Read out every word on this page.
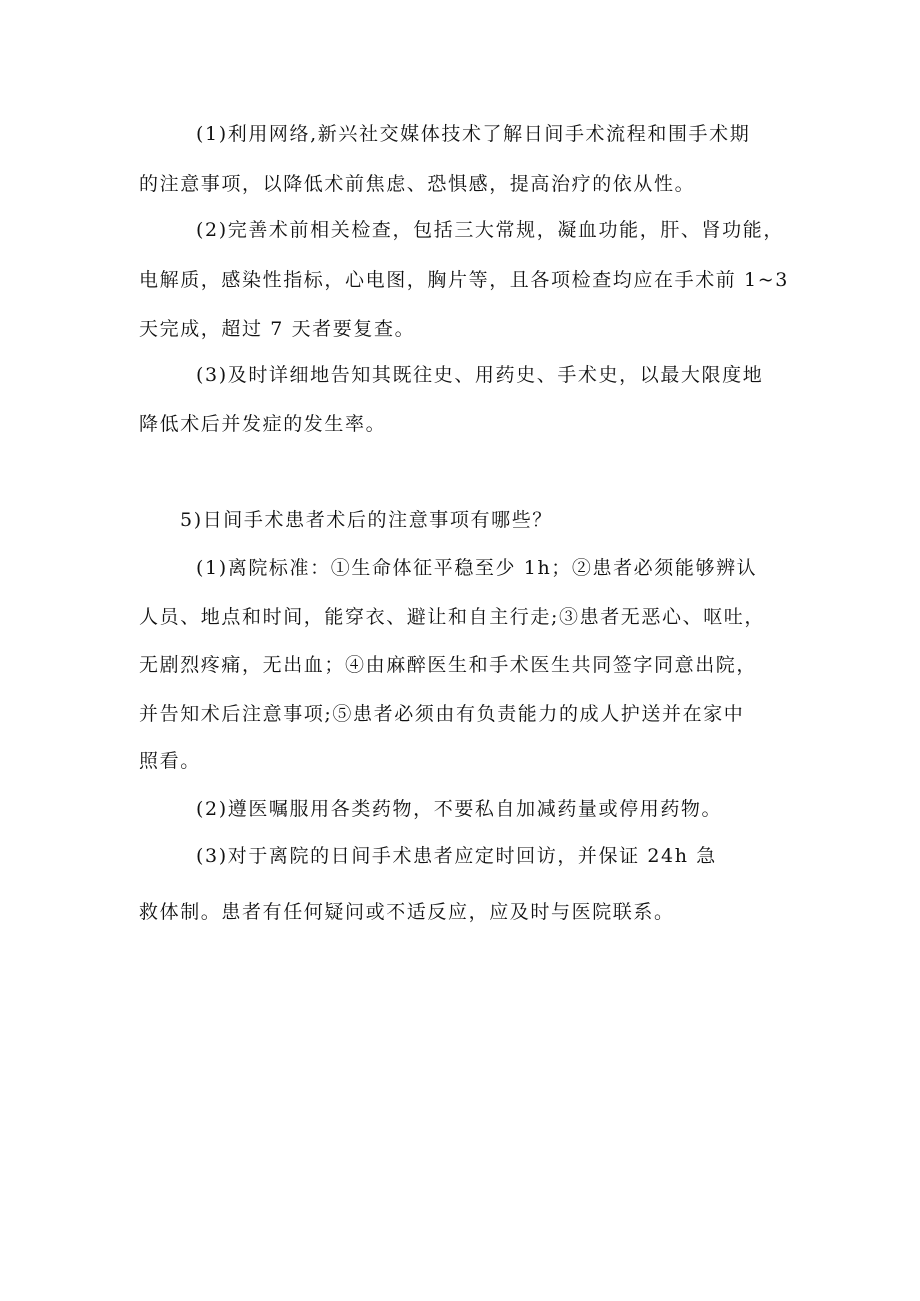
(1)利用网络,新兴社交媒体技术了解日间手术流程和围手术期
的注意事项，以降低术前焦虑、恐惧感，提高治疗的依从性。
(2)完善术前相关检查，包括三大常规，凝血功能，肝、肾功能，
电解质，感染性指标，心电图，胸片等，且各项检查均应在手术前 1~3
天完成，超过 7 天者要复查。
(3)及时详细地告知其既往史、用药史、手术史，以最大限度地
降低术后并发症的发生率。
5)日间手术患者术后的注意事项有哪些？
(1)离院标准：①生命体征平稳至少 1h；②患者必须能够辨认
人员、地点和时间，能穿衣、避让和自主行走;③患者无恶心、呕吐，
无剧烈疼痛，无出血；④由麻醉医生和手术医生共同签字同意出院，
并告知术后注意事项;⑤患者必须由有负责能力的成人护送并在家中
照看。
(2)遵医嘱服用各类药物，不要私自加减药量或停用药物。
(3)对于离院的日间手术患者应定时回访，并保证 24h 急
救体制。患者有任何疑问或不适反应，应及时与医院联系。
